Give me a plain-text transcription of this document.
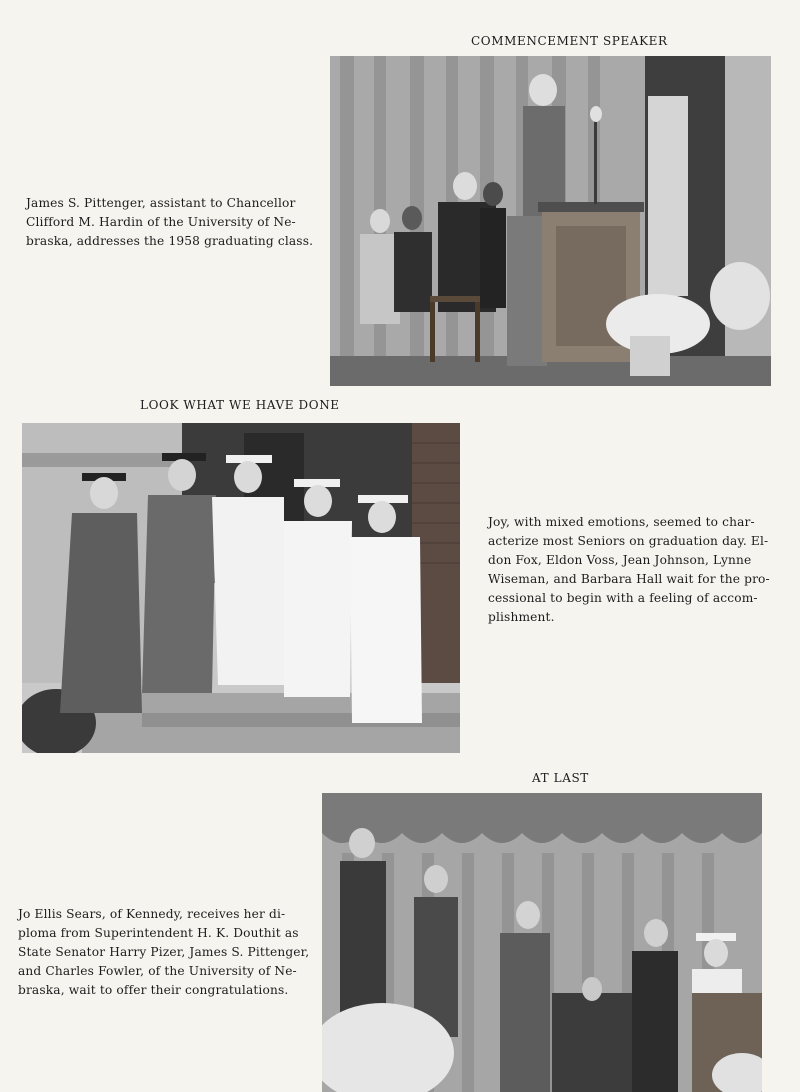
COMMENCEMENT SPEAKER
James S. Pittenger, assistant to Chancellor
Clifford M. Hardin of the University of Ne-
braska, addresses the 1958 graduating class.
LOOK WHAT WE HAVE DONE
Joy, with mixed emotions, seemed to char-
acterize most Seniors on graduation day. El-
don Fox, Eldon Voss, Jean Johnson, Lynne
Wiseman, and Barbara Hall wait for the pro-
cessional to begin with a feeling of accom-
plishment.
AT LAST
Jo Ellis Sears, of Kennedy, receives her di-
ploma from Superintendent H. K. Douthit as
State Senator Harry Pizer, James S. Pittenger,
and Charles Fowler, of the University of Ne-
braska, wait to offer their congratulations.
